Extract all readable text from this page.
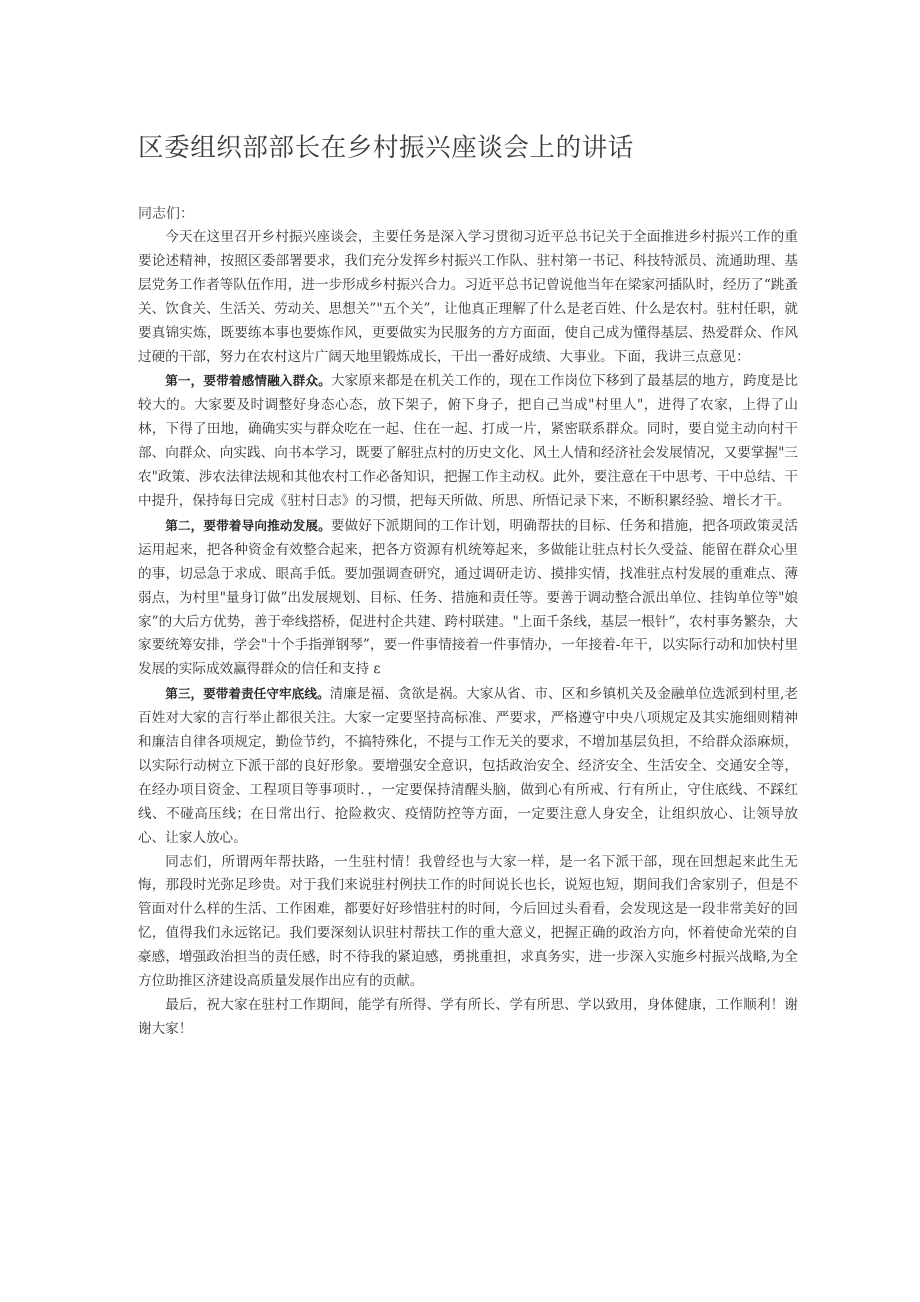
区委组织部部长在乡村振兴座谈会上的讲话

同志们：

今天在这里召开乡村振兴座谈会，主要任务是深入学习贯彻习近平总书记关于全面推进乡村振兴工作的重要论述精神，按照区委部署要求，我们充分发挥乡村振兴工作队、驻村第一书记、科技特派员、流通助理、基层党务工作者等队伍作用，进一步形成乡村振兴合力。习近平总书记曾说他当年在梁家河插队时，经历了“跳蚤关、饮食关、生活关、劳动关、思想关”"五个关”，让他真正理解了什么是老百姓、什么是农村。驻村任职，就要真锦实炼，既要练本事也要炼作风，更要做实为民服务的方方面面，使自己成为懂得基层、热爱群众、作风过硬的干部，努力在农村这片广阔天地里锻炼成长，干出一番好成绩、大事业。下面，我讲三点意见：

第一，要带着感情融入群众。大家原来都是在机关工作的，现在工作岗位下移到了最基层的地方，跨度是比较大的。大家要及时调整好身态心态，放下架子，俯下身子，把自己当成"村里人"，进得了农家，上得了山林，下得了田地，确确实实与群众吃在一起、住在一起、打成一片，紧密联系群众。同时，要自觉主动向村干部、向群众、向实践、向书本学习，既要了解驻点村的历史文化、风土人情和经济社会发展情况，又要掌握"三农"政策、涉农法律法规和其他农村工作必备知识，把握工作主动权。此外，要注意在干中思考、干中总结、干中提升，保持每日完成《驻村日志》的习惯，把每天所做、所思、所悟记录下来，不断积累经验、增长才干。

第二，要带着导向推动发展。要做好下派期间的工作计划，明确帮扶的目标、任务和措施，把各项政策灵活运用起来，把各种资金有效整合起来，把各方资源有机统筹起来，多做能让驻点村长久受益、能留在群众心里的事，切忌急于求成、眼高手低。要加强调查研究，通过调研走访、摸排实情，找准驻点村发展的重难点、薄弱点，为村里"量身订做”出发展规划、目标、任务、措施和责任等。要善于调动整合派出单位、挂钩单位等"娘家”的大后方优势，善于牵线搭桥，促进村企共建、跨村联建。"上面千条线，基层一根针”，农村事务繁杂，大家要统筹安排，学会"十个手指弹钢琴”，要一件事情接着一件事情办，一年接着-年干，以实际行动和加快村里发展的实际成效赢得群众的信任和支持 ε

第三，要带着责任守牢底线。清廉是福、贪欲是祸。大家从省、市、区和乡镇机关及金融单位选派到村里,老百姓对大家的言行举止都很关注。大家一定要坚持高标准、严要求，严格遵守中央八项规定及其实施细则精神和廉洁自律各项规定，勤俭节约，不搞特殊化，不提与工作无关的要求，不增加基层负担，不给群众添麻烦，以实际行动树立下派干部的良好形象。要增强安全意识，包括政治安全、经济安全、生活安全、交通安全等，在经办项目资金、工程项目等事项时．，一定要保持清醒头脑，做到心有所戒、行有所止，守住底线、不踩红线、不碰高压线；在日常出行、抢险救灾、疫情防控等方面，一定要注意人身安全，让组织放心、让领导放心、让家人放心。

同志们，所谓两年帮扶路，一生驻村情！我曾经也与大家一样，是一名下派干部，现在回想起来此生无悔，那段时光弥足珍贵。对于我们来说驻村例扶工作的时间说长也长，说短也短，期间我们舍家别子，但是不管面对什么样的生活、工作困难，都要好好珍惜驻村的时间，今后回过头看看，会发现这是一段非常美好的回忆，值得我们永远铭记。我们要深刻认识驻村帮扶工作的重大意义，把握正确的政治方向，怀着使命光荣的自豪感，增强政治担当的责任感，时不待我的紧迫感，勇挑重担，求真务实，进一步深入实施乡村振兴战略,为全方位助推区济建设高质量发展作出应有的贡献。

最后，祝大家在驻村工作期间，能学有所得、学有所长、学有所思、学以致用，身体健康，工作顺利！谢谢大家！
